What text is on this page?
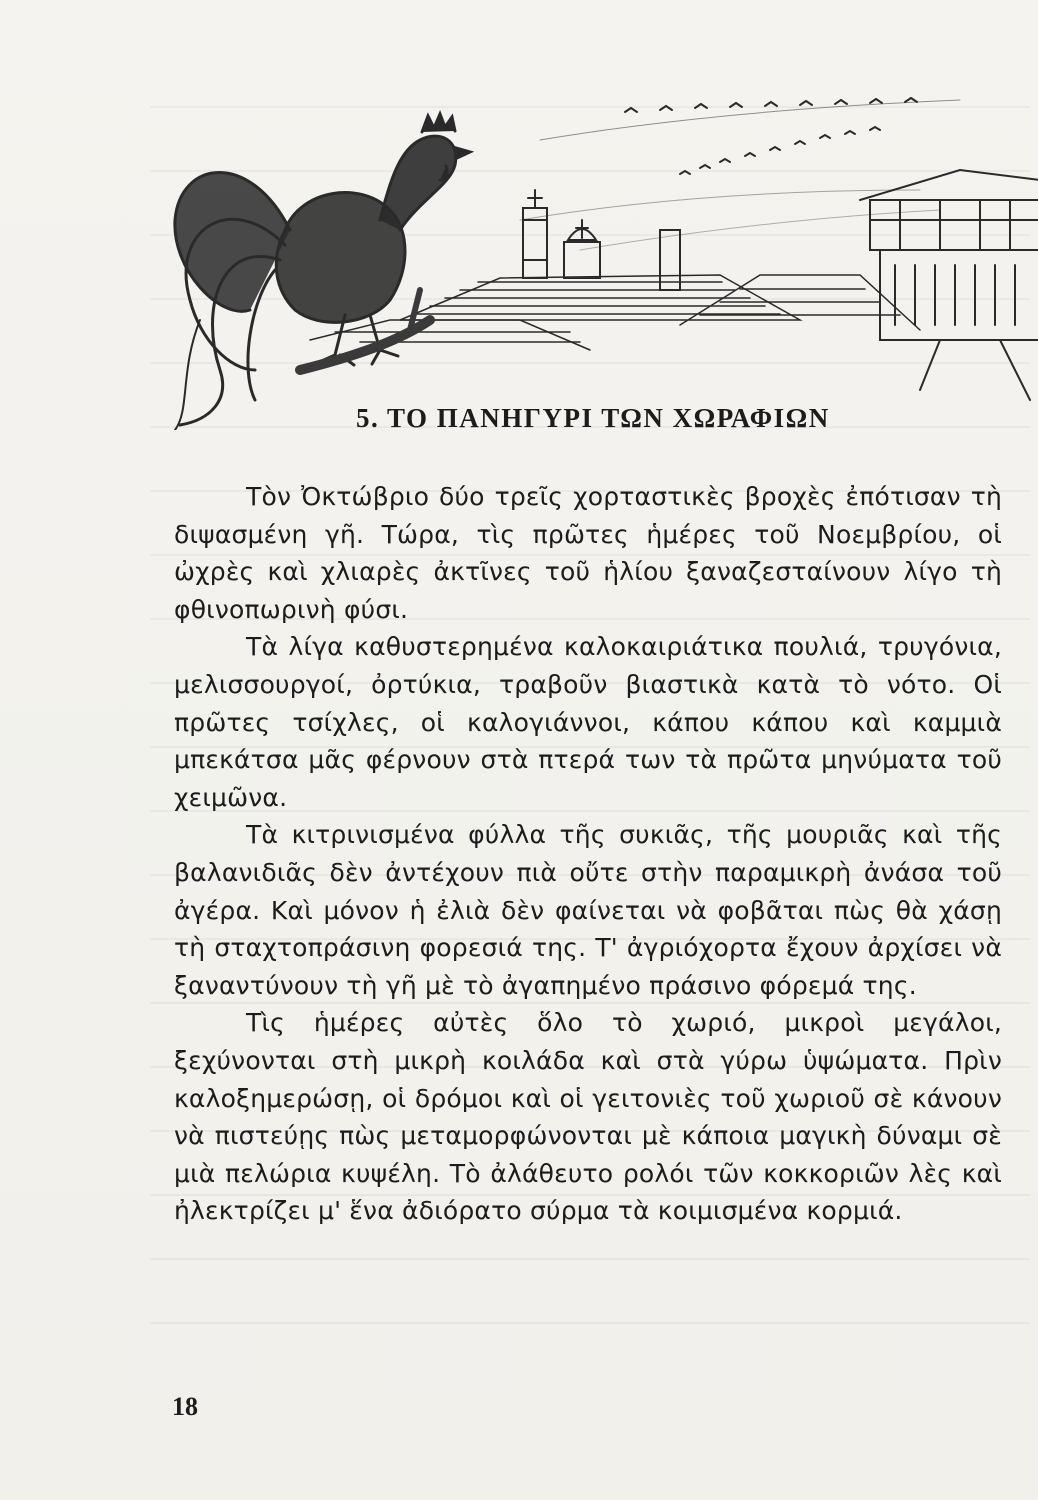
5. ΤΟ ΠΑΝΗΓΥΡΙ ΤΩΝ ΧΩΡΑΦΙΩΝ

Τὸν Ὀκτώβριο δύο τρεῖς χορταστικὲς βροχὲς ἐπότισαν τὴ διψασμένη γῆ. Τώρα, τὶς πρῶτες ἡμέρες τοῦ Νοεμβρίου, οἱ ὠχρὲς καὶ χλιαρὲς ἀκτῖνες τοῦ ἡλίου ξαναζεσταίνουν λίγο τὴ φθινοπωρινὴ φύσι.

Τὰ λίγα καθυστερημένα καλοκαιριάτικα πουλιά, τρυγόνια, μελισσουργοί, ὀρτύκια, τραβοῦν βιαστικὰ κατὰ τὸ νότο. Οἱ πρῶτες τσίχλες, οἱ καλογιάννοι, κάπου κάπου καὶ καμμιὰ μπεκάτσα μᾶς φέρνουν στὰ πτερά των τὰ πρῶτα μηνύματα τοῦ χειμῶνα.

Τὰ κιτρινισμένα φύλλα τῆς συκιᾶς, τῆς μουριᾶς καὶ τῆς βαλανιδιᾶς δὲν ἀντέχουν πιὰ οὔτε στὴν παραμικρὴ ἀνάσα τοῦ ἀγέρα. Καὶ μόνον ἡ ἐλιὰ δὲν φαίνεται νὰ φοβᾶται πὼς θὰ χάσῃ τὴ σταχτοπράσινη φορεσιά της. Τ' ἀγριόχορτα ἔχουν ἀρχίσει νὰ ξαναντύνουν τὴ γῆ μὲ τὸ ἀγαπημένο πράσινο φόρεμά της.

Τὶς ἡμέρες αὐτὲς ὅλο τὸ χωριό, μικροὶ μεγάλοι, ξεχύνονται στὴ μικρὴ κοιλάδα καὶ στὰ γύρω ὑψώματα. Πρὶν καλοξημερώσῃ, οἱ δρόμοι καὶ οἱ γειτονιὲς τοῦ χωριοῦ σὲ κάνουν νὰ πιστεύῃς πὼς μεταμορφώνονται μὲ κάποια μαγικὴ δύναμι σὲ μιὰ πελώρια κυψέλη. Τὸ ἀλάθευτο ρολόι τῶν κοκκοριῶν λὲς καὶ ἠλεκτρίζει μ' ἕνα ἀδιόρατο σύρμα τὰ κοιμισμένα κορμιά.

18
